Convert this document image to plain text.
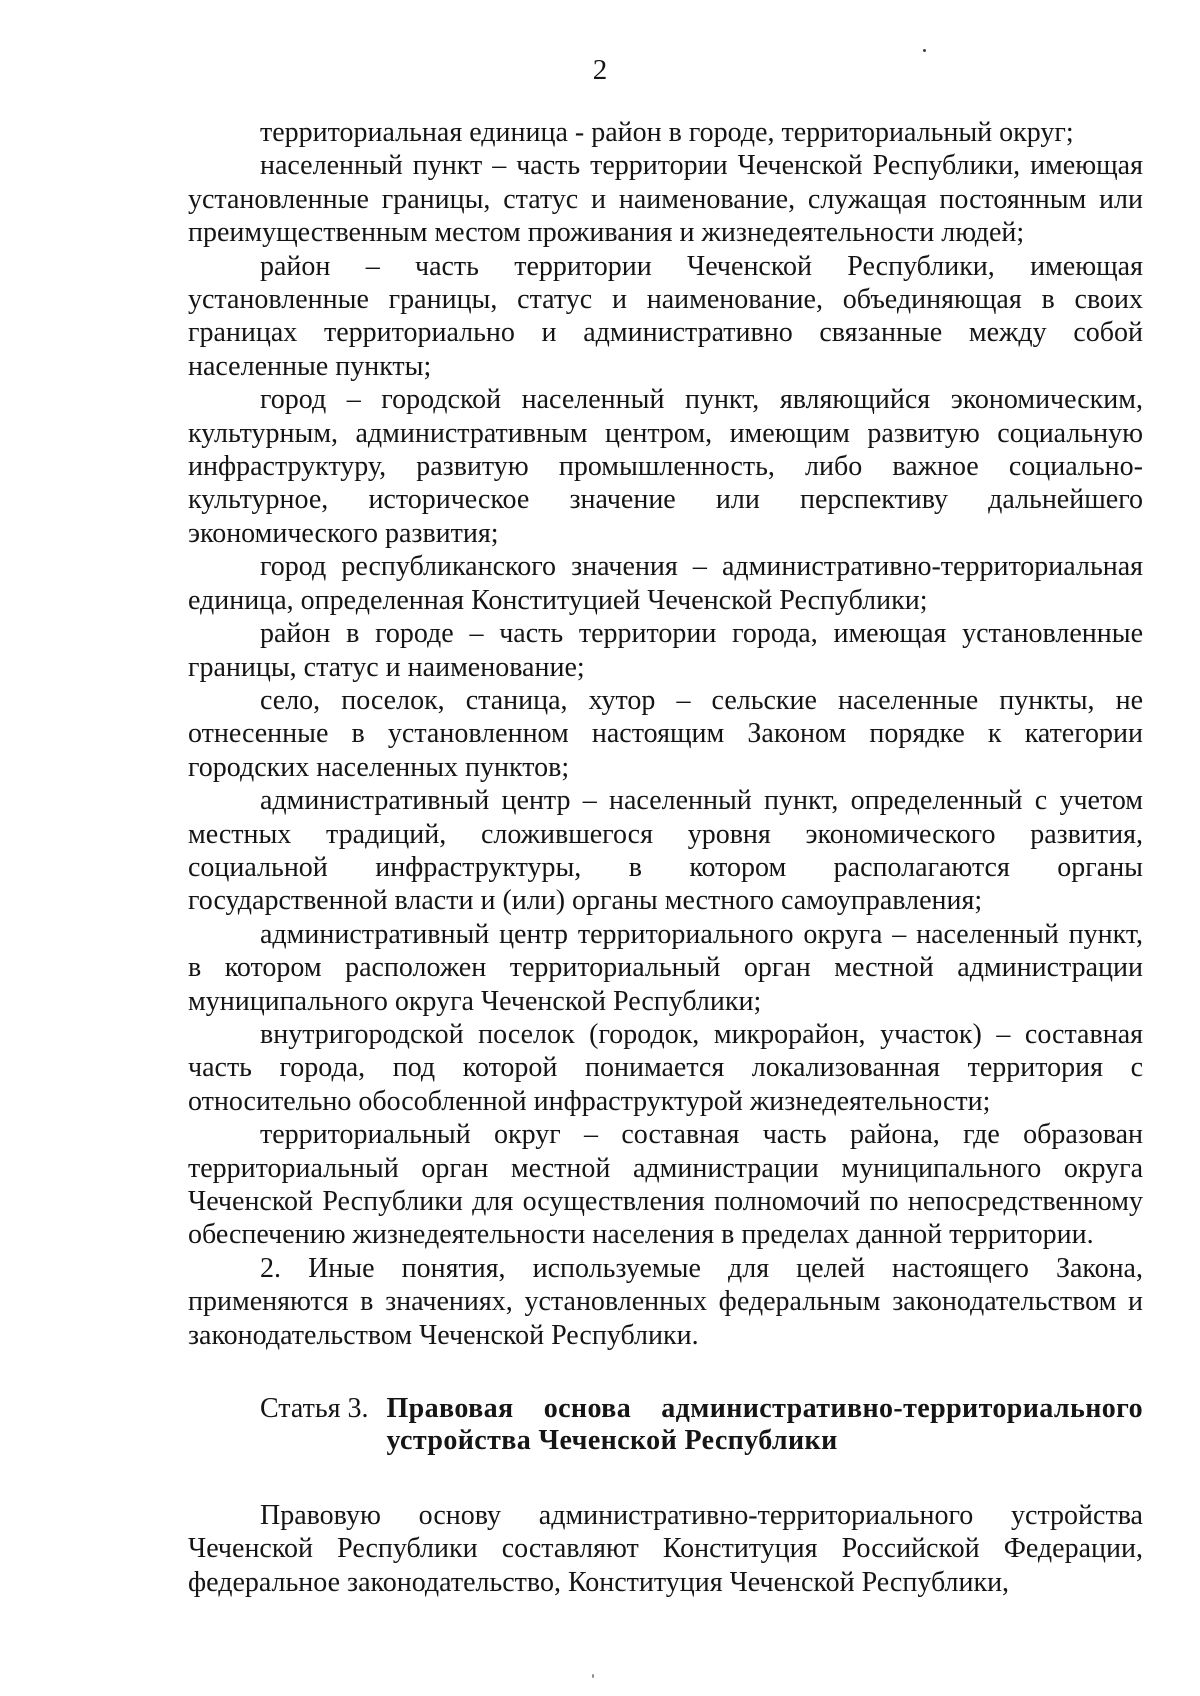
2

территориальная единица - район в городе, территориальный округ;

населенный пункт – часть территории Чеченской Республики, имеющая установленные границы, статус и наименование, служащая постоянным или преимущественным местом проживания и жизнедеятельности людей;

район – часть территории Чеченской Республики, имеющая установленные границы, статус и наименование, объединяющая в своих границах территориально и административно связанные между собой населенные пункты;

город – городской населенный пункт, являющийся экономическим, культурным, административным центром, имеющим развитую социальную инфраструктуру, развитую промышленность, либо важное социально-культурное, историческое значение или перспективу дальнейшего экономического развития;

город республиканского значения – административно-территориальная единица, определенная Конституцией Чеченской Республики;

район в городе – часть территории города, имеющая установленные границы, статус и наименование;

село, поселок, станица, хутор – сельские населенные пункты, не отнесенные в установленном настоящим Законом порядке к категории городских населенных пунктов;

административный центр – населенный пункт, определенный с учетом местных традиций, сложившегося уровня экономического развития, социальной инфраструктуры, в котором располагаются органы государственной власти и (или) органы местного самоуправления;

административный центр территориального округа – населенный пункт, в котором расположен территориальный орган местной администрации муниципального округа Чеченской Республики;

внутригородской поселок (городок, микрорайон, участок) – составная часть города, под которой понимается локализованная территория с относительно обособленной инфраструктурой жизнедеятельности;

территориальный округ – составная часть района, где образован территориальный орган местной администрации муниципального округа Чеченской Республики для осуществления полномочий по непосредственному обеспечению жизнедеятельности населения в пределах данной территории.

2. Иные понятия, используемые для целей настоящего Закона, применяются в значениях, установленных федеральным законодательством и законодательством Чеченской Республики.

Статья 3. Правовая основа административно-территориального устройства Чеченской Республики

Правовую основу административно-территориального устройства Чеченской Республики составляют Конституция Российской Федерации, федеральное законодательство, Конституция Чеченской Республики,
